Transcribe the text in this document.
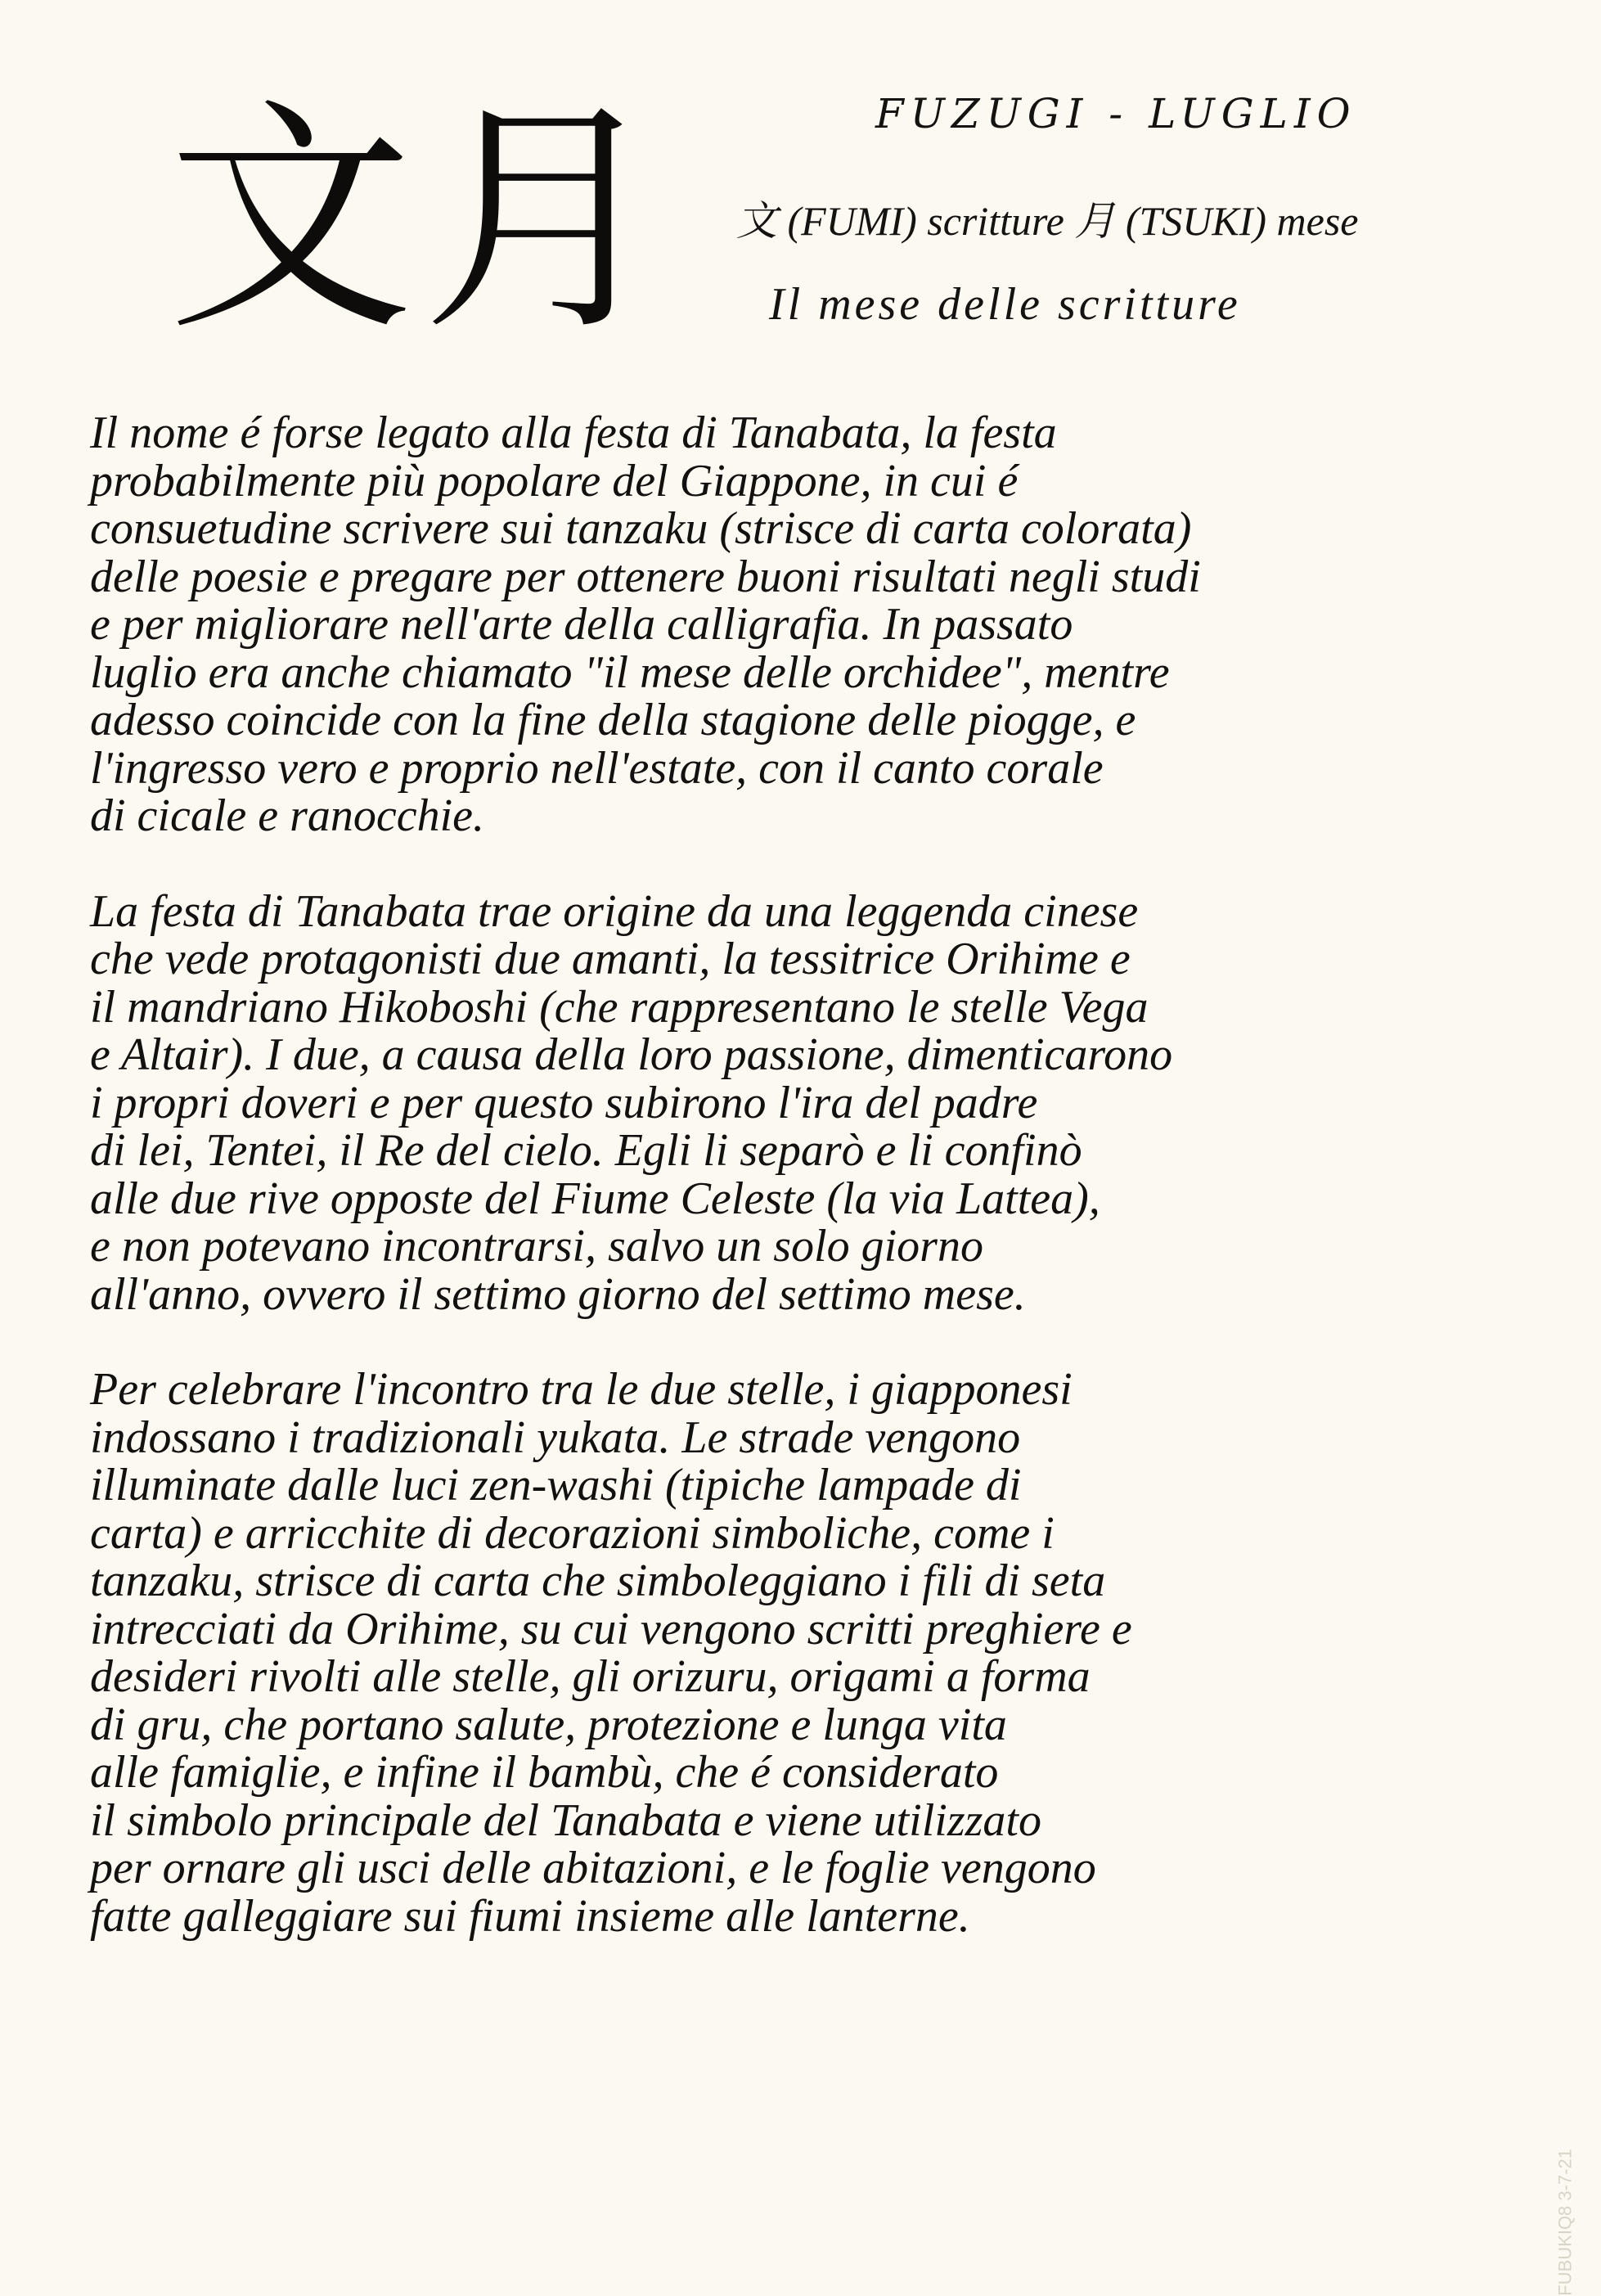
文月	FUZUGI - LUGLIO
文 (FUMI) scritture 月 (TSUKI) mese
Il mese delle scritture

Il nome é forse legato alla festa di Tanabata, la festa
probabilmente più popolare del Giappone, in cui é
consuetudine scrivere sui tanzaku (strisce di carta colorata)
delle poesie e pregare per ottenere buoni risultati negli studi
e per migliorare nell'arte della calligrafia. In passato
luglio era anche chiamato "il mese delle orchidee", mentre
adesso coincide con la fine della stagione delle piogge, e
l'ingresso vero e proprio nell'estate, con il canto corale
di cicale e ranocchie.

La festa di Tanabata trae origine da una leggenda cinese
che vede protagonisti due amanti, la tessitrice Orihime e
il mandriano Hikoboshi (che rappresentano le stelle Vega
e Altair). I due, a causa della loro passione, dimenticarono
i propri doveri e per questo subirono l'ira del padre
di lei, Tentei, il Re del cielo. Egli li separò e li confinò
alle due rive opposte del Fiume Celeste (la via Lattea),
e non potevano incontrarsi, salvo un solo giorno
all'anno, ovvero il settimo giorno del settimo mese.

Per celebrare l'incontro tra le due stelle, i giapponesi
indossano i tradizionali yukata. Le strade vengono
illuminate dalle luci zen-washi (tipiche lampade di
carta) e arricchite di decorazioni simboliche, come i
tanzaku, strisce di carta che simboleggiano i fili di seta
intrecciati da Orihime, su cui vengono scritti preghiere e
desideri rivolti alle stelle, gli orizuru, origami a forma
di gru, che portano salute, protezione e lunga vita
alle famiglie, e infine il bambù, che é considerato
il simbolo principale del Tanabata e viene utilizzato
per ornare gli usci delle abitazioni, e le foglie vengono
fatte galleggiare sui fiumi insieme alle lanterne.

FUBUKIQ8 3-7-21
